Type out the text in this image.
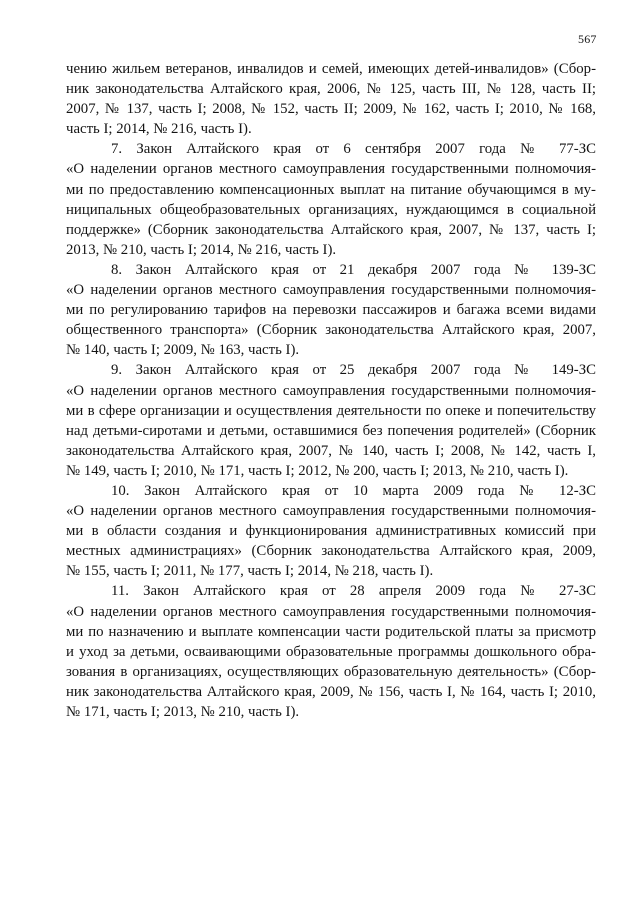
567
чению жильем ветеранов, инвалидов и семей, имеющих детей-инвалидов» (Сбор-
ник законодательства Алтайского края, 2006, № 125, часть III, № 128, часть II;
2007, № 137, часть I; 2008, № 152, часть II; 2009, № 162, часть I; 2010, № 168,
часть I; 2014, № 216, часть I).
7. Закон Алтайского края от 6 сентября 2007 года № 77-ЗС
«О наделении органов местного самоуправления государственными полномочия-
ми по предоставлению компенсационных выплат на питание обучающимся в му-
ниципальных общеобразовательных организациях, нуждающимся в социальной
поддержке» (Сборник законодательства Алтайского края, 2007, № 137, часть I;
2013, № 210, часть I; 2014, № 216, часть I).
8. Закон Алтайского края от 21 декабря 2007 года № 139-ЗС
«О наделении органов местного самоуправления государственными полномочия-
ми по регулированию тарифов на перевозки пассажиров и багажа всеми видами
общественного транспорта» (Сборник законодательства Алтайского края, 2007,
№ 140, часть I; 2009, № 163, часть I).
9. Закон Алтайского края от 25 декабря 2007 года № 149-ЗС
«О наделении органов местного самоуправления государственными полномочия-
ми в сфере организации и осуществления деятельности по опеке и попечительству
над детьми-сиротами и детьми, оставшимися без попечения родителей» (Сборник
законодательства Алтайского края, 2007, № 140, часть I; 2008, № 142, часть I,
№ 149, часть I; 2010, № 171, часть I; 2012, № 200, часть I; 2013, № 210, часть I).
10. Закон Алтайского края от 10 марта 2009 года № 12-ЗС
«О наделении органов местного самоуправления государственными полномочия-
ми в области создания и функционирования административных комиссий при
местных администрациях» (Сборник законодательства Алтайского края, 2009,
№ 155, часть I; 2011, № 177, часть I; 2014, № 218, часть I).
11. Закон Алтайского края от 28 апреля 2009 года № 27-ЗС
«О наделении органов местного самоуправления государственными полномочия-
ми по назначению и выплате компенсации части родительской платы за присмотр
и уход за детьми, осваивающими образовательные программы дошкольного обра-
зования в организациях, осуществляющих образовательную деятельность» (Сбор-
ник законодательства Алтайского края, 2009, № 156, часть I, № 164, часть I; 2010,
№ 171, часть I; 2013, № 210, часть I).
